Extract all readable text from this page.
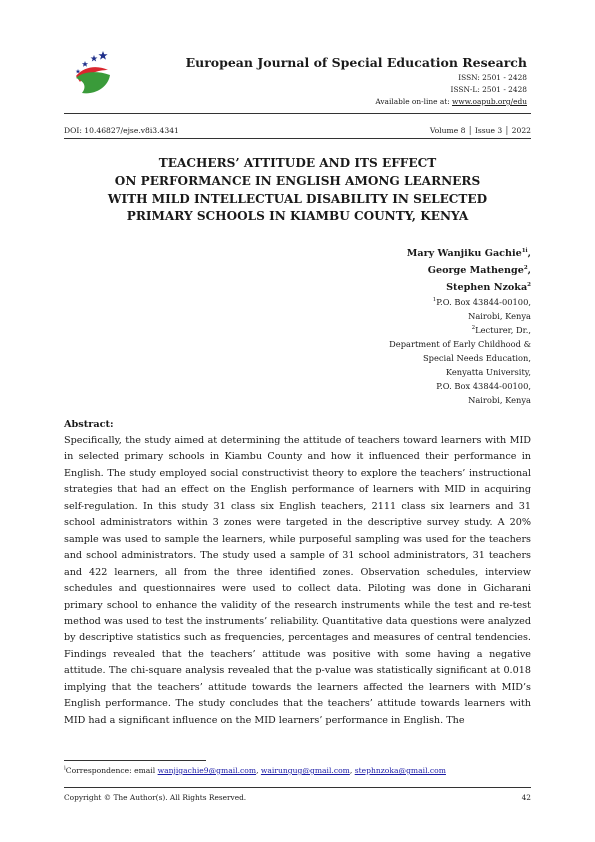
European Journal of Special Education Research
ISSN: 2501 - 2428
ISSN-L: 2501 - 2428
Available on-line at: www.oapub.org/edu
DOI: 10.46827/ejse.v8i3.4341	Volume 8 │ Issue 3 │ 2022
TEACHERS’ ATTITUDE AND ITS EFFECT
ON PERFORMANCE IN ENGLISH AMONG LEARNERS
WITH MILD INTELLECTUAL DISABILITY IN SELECTED
PRIMARY SCHOOLS IN KIAMBU COUNTY, KENYA
Mary Wanjiku Gachie$^{1i}$,
George Mathenge$^2$,
Stephen Nzoka$^2$
$^1$P.O. Box 43844-00100,
Nairobi, Kenya
$^2$Lecturer, Dr.,
Department of Early Childhood &
Special Needs Education,
Kenyatta University,
P.O. Box 43844-00100,
Nairobi, Kenya
Abstract:
Specifically, the study aimed at determining the attitude of teachers toward learners with MID in selected primary schools in Kiambu County and how it influenced their performance in English. The study employed social constructivist theory to explore the teachers’ instructional strategies that had an effect on the English performance of learners with MID in acquiring self-regulation. In this study 31 class six English teachers, 2111 class six learners and 31 school administrators within 3 zones were targeted in the descriptive survey study. A 20% sample was used to sample the learners, while purposeful sampling was used for the teachers and school administrators. The study used a sample of 31 school administrators, 31 teachers and 422 learners, all from the three identified zones. Observation schedules, interview schedules and questionnaires were used to collect data. Piloting was done in Gicharani primary school to enhance the validity of the research instruments while the test and re-test method was used to test the instruments’ reliability. Quantitative data questions were analyzed by descriptive statistics such as frequencies, percentages and measures of central tendencies. Findings revealed that the teachers’ attitude was positive with some having a negative attitude. The chi-square analysis revealed that the p-value was statistically significant at 0.018 implying that the teachers’ attitude towards the learners affected the learners with MID’s English performance. The study concludes that the teachers’ attitude towards learners with MID had a significant influence on the MID learners’ performance in English. The
$^i$Correspondence: email wanjigachie9@gmail.com, wairungug@gmail.com, stephnzoka@gmail.com
Copyright © The Author(s). All Rights Reserved.	42
